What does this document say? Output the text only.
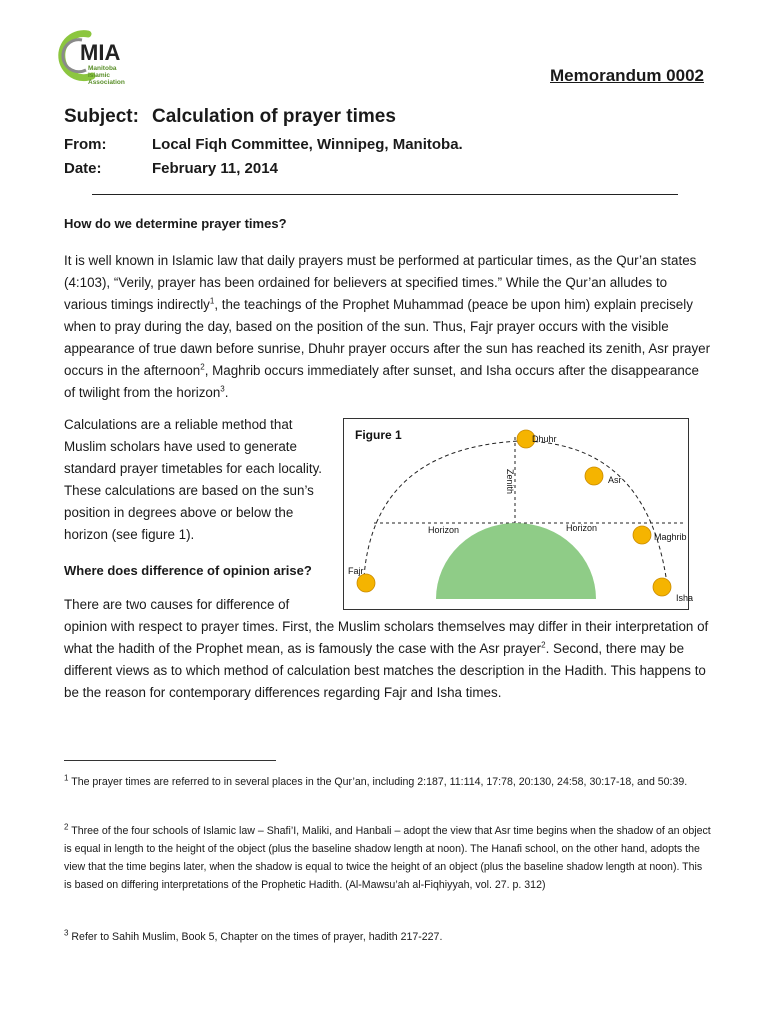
MIA
Manitoba
Islamic
Association	Memorandum 0002
Subject: Calculation of prayer times
From:	Local Fiqh Committee, Winnipeg, Manitoba.
Date:	February 11, 2014
How do we determine prayer times?
It is well known in Islamic law that daily prayers must be performed at particular times, as the Qur’an states (4:103), “Verily, prayer has been ordained for believers at specified times.” While the Qur’an alludes to various timings indirectly$^1$, the teachings of the Prophet Muhammad (peace be upon him) explain precisely when to pray during the day, based on the position of the sun. Thus, Fajr prayer occurs with the visible appearance of true dawn before sunrise, Dhuhr prayer occurs after the sun has reached its zenith, Asr prayer occurs in the afternoon$^2$, Maghrib occurs immediately after sunset, and Isha occurs after the disappearance of twilight from the horizon$^3$.
Calculations are a reliable method that Muslim scholars have used to generate standard prayer timetables for each locality. These calculations are based on the sun’s position in degrees above or below the horizon (see figure 1).
Where does difference of opinion arise?
There are two causes for difference of
opinion with respect to prayer times. First, the Muslim scholars themselves may differ in their interpretation of what the hadith of the Prophet mean, as is famously the case with the Asr prayer$^2$. Second, there may be different views as to which method of calculation best matches the description in the Hadith. This happens to be the reason for contemporary differences regarding Fajr and Isha times.
Figure 1	Dhuhr
Asr
Maghrib
Isha
Fajr
Zenith
Horizon	Horizon
$^1$ The prayer times are referred to in several places in the Qur’an, including 2:187, 11:114, 17:78, 20:130, 24:58, 30:17-18, and 50:39.
$^2$ Three of the four schools of Islamic law – Shafi’I, Maliki, and Hanbali – adopt the view that Asr time begins when the shadow of an object is equal in length to the height of the object (plus the baseline shadow length at noon). The Hanafi school, on the other hand, adopts the view that the time begins later, when the shadow is equal to twice the height of an object (plus the baseline shadow length at noon). This is based on differing interpretations of the Prophetic Hadith. (Al-Mawsu’ah al-Fiqhiyyah, vol. 27. p. 312)
$^3$ Refer to Sahih Muslim, Book 5, Chapter on the times of prayer, hadith 217-227.
